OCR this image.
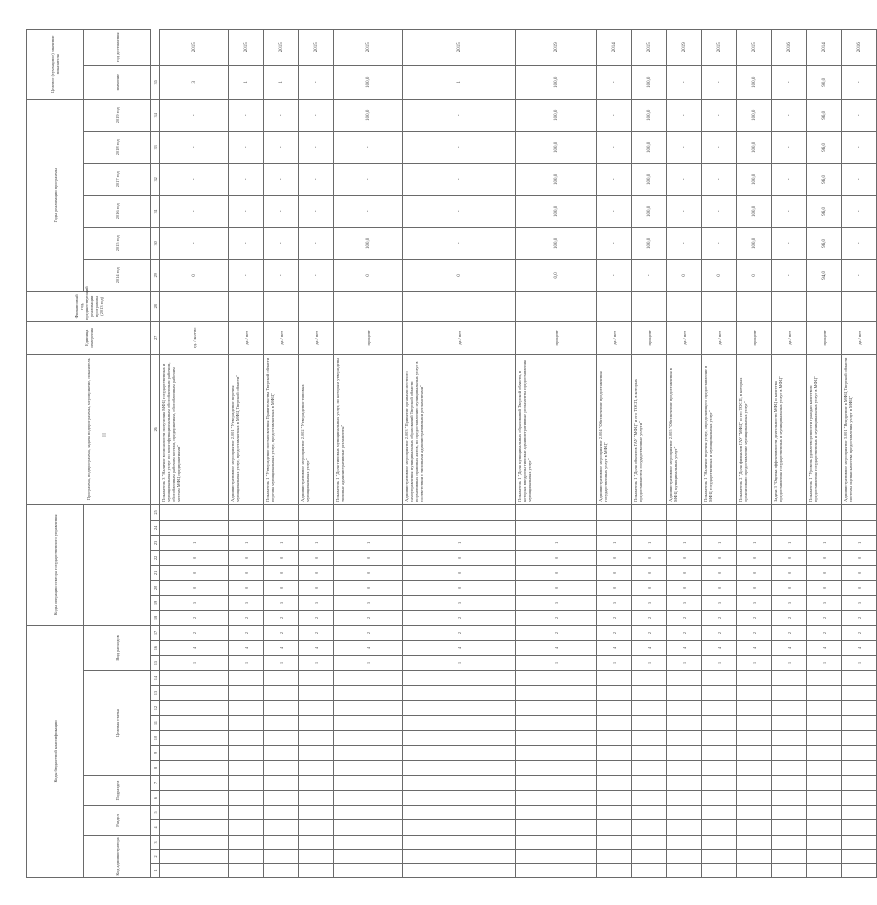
II
Коды бюджетной классификации																	Коды операции сектора государственного управления								Программа, подпрограмма, задача подпрограммы, мероприятие, показатель	Единица измерения	Финансовый год, предшествующий реализации программы (2013 год)	Годы реализации программы						Целевое (суммарное) значение показателя	
Код администратора			Раздел		Подраздел		Целевая статья							Вид расходов														2014 год	2015 год	2016 год	2017 год	2018 год	2019 год	значение	год достижения
1	2	3	4	5	6	7	8	9	10	11	12	13	14	15	16	17	18	19	20	21	22	23	24	25	26	27	28	29	30	31	32	33	34	35	
														1	4	2	2	5	0	0	0	1			Показатель 3 "Наличие возможности получения МФЦ государственных и муниципальных услуг по многофункциональным обособленным рабочим, обособленным рабочим местам, предприятиям, обособленным рабочим местам МФЦ предприятиями"	ед. / кол-во		0	-	-	-	-	-	3	2015
														1	4	2	2	5	0	0	0	1			Административное мероприятие 2.001 "Утверждение перечня муниципальных услуг, предоставляемых в МФЦ Тверской области"	да / нет		-	-	-	-	-	-	1	2015
														1	4	2	2	5	0	0	0	1			Показатель 1 "Утверждение постановления Правительства Тверской области перечня муниципальных услуг, предоставляемых в МФЦ"	да / нет		-	-	-	-	-	-	1	2015
														1	4	2	2	5	0	0	0	1			Административное мероприятие 2.002 "Утверждение типовых муниципальных услуг"	да / нет		-	-	-	-	-	-	-	2015
														1	4	2	2	5	0	0	0	1			Показатель 1 "Доля типовых муниципальных услуг, по которым утверждены типовые административные регламенты"	процент		0	100,0	-	-	-	100,0	100,0	2015
														1	4	2	2	5	0	0	0	1			Административное мероприятие 2.003 "Принятие органами местного самоуправления муниципальных образований Тверской области нормативных правовых актов, по предоставлению муниципальных услуг в соответствии с типовыми административными регламентами"	да / нет		0	-	-	-	-	-	1	2015
														1	4	2	2	5	0	0	0	1			Показатель 1 "Доля муниципальных образований Тверской области, в которых внедрены типовые административные регламенты предоставления муниципальных услуг"	процент		0,0	100,0	100,0	100,0	100,0	100,0	100,0	2019
														1	4	2	2	5	0	0	0	1			Административное мероприятие 2.004 "Обеспечение предоставления государственных услуг в МФЦ"	да / нет		-	-	-	-	-	-	-	2014
														1	4	2	2	5	0	0	0	1			Показатель 1 "Доля объектов ГАУ "МФЦ" и его ТОСП, в которых предоставляются государственные услуги"	процент		-	100,0	100,0	100,0	100,0	100,0	100,0	2015
														1	4	2	2	5	0	0	0	1			Административное мероприятие 2.005 "Обеспечение предоставления в МФЦ муниципальных услуг"	да / нет		0	-	-	-	-	-	-	2019
														1	4	2	2	5	0	0	0	1			Показатель 1 "Наличие перечня услуг, определяющего предоставление в МФЦ государственных и муниципальных услуг"	да / нет		0	-	-	-	-	-	-	2015
														1	4	2	2	5	0	0	0	1			Показатель 2 "Доля филиалов ГАУ "МФЦ" и его ТОСП, в которых организовано предоставление муниципальных услуг"	процент		0	100,0	100,0	100,0	100,0	100,0	100,0	2015
														1	4	2	2	5	0	0	0	1			Задача 3 "Оценка эффективности деятельности МФЦ и качества предоставления государственных и муниципальных услуг в МФЦ"	да / нет		-	-	-	-	-	-	-	2016
														1	4	2	2	5	0	0	0	1			Показатель 1 "Уровень удовлетворенности граждан качеством предоставления государственных и муниципальных услуг в МФЦ"	процент		94,0	96,0	96,0	96,0	96,0	96,0	90,0	2014
														1	4	2	2	5	0	0	0	1			Административное мероприятие 3.001 "Внедрение в МФЦ Тверской области системы оценки качества предоставления услуг в МФЦ"	да / нет		-	-	-	-	-	-	-	2016
